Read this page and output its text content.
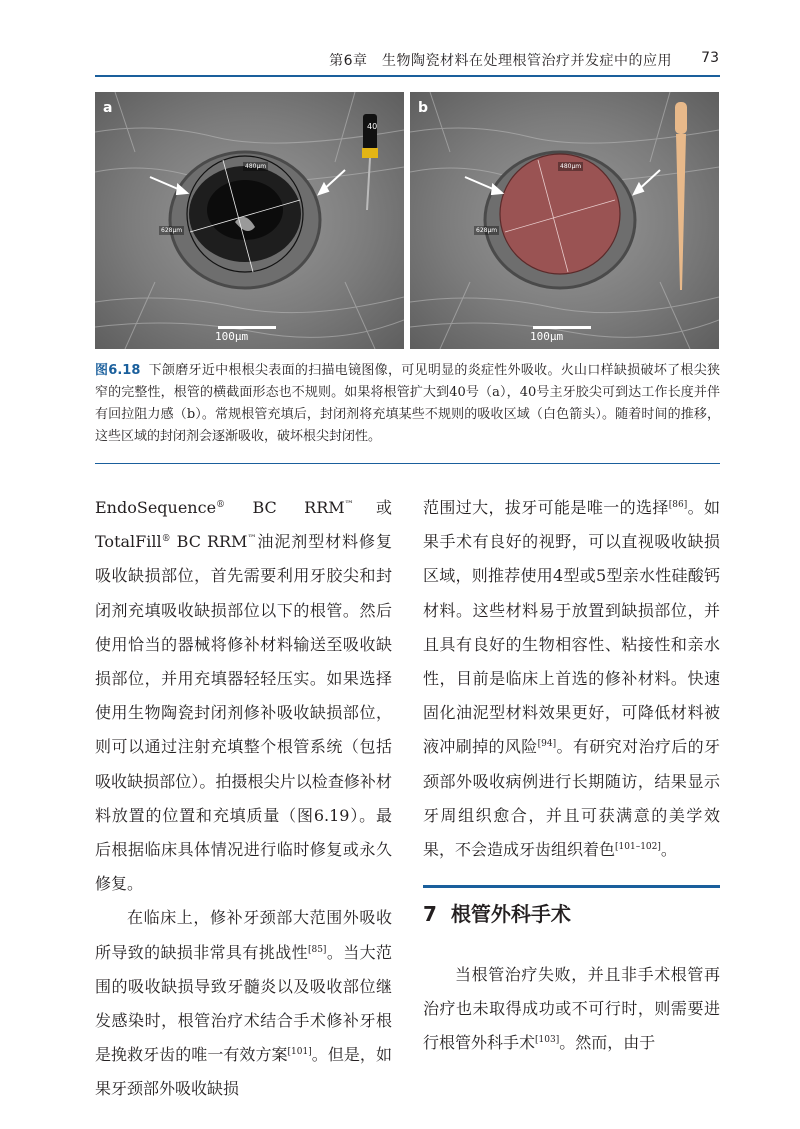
第6章　生物陶瓷材料在处理根管治疗并发症中的应用 73
a
480μm
628μm
40
100μm
b
480μm
628μm
100μm
图6.18 下颌磨牙近中根根尖表面的扫描电镜图像，可见明显的炎症性外吸收。火山口样缺损破坏了根尖狭窄的完整性，根管的横截面形态也不规则。如果将根管扩大到40号（a），40号主牙胶尖可到达工作长度并伴有回拉阻力感（b）。常规根管充填后，封闭剂将充填某些不规则的吸收区域（白色箭头）。随着时间的推移，这些区域的封闭剂会逐渐吸收，破坏根尖封闭性。

EndoSequence® BC RRM™或TotalFill® BC RRM™油泥剂型材料修复吸收缺损部位，首先需要利用牙胶尖和封闭剂充填吸收缺损部位以下的根管。然后使用恰当的器械将修补材料输送至吸收缺损部位，并用充填器轻轻压实。如果选择使用生物陶瓷封闭剂修补吸收缺损部位，则可以通过注射充填整个根管系统（包括吸收缺损部位）。拍摄根尖片以检查修补材料放置的位置和充填质量（图6.19）。最后根据临床具体情况进行临时修复或永久修复。

在临床上，修补牙颈部大范围外吸收所导致的缺损非常具有挑战性[85]。当大范围的吸收缺损导致牙髓炎以及吸收部位继发感染时，根管治疗术结合手术修补牙根是挽救牙齿的唯一有效方案[101]。但是，如果牙颈部外吸收缺损

范围过大，拔牙可能是唯一的选择[86]。如果手术有良好的视野，可以直视吸收缺损区域，则推荐使用4型或5型亲水性硅酸钙材料。这些材料易于放置到缺损部位，并且具有良好的生物相容性、粘接性和亲水性，目前是临床上首选的修补材料。快速固化油泥型材料效果更好，可降低材料被液冲刷掉的风险[94]。有研究对治疗后的牙颈部外吸收病例进行长期随访，结果显示牙周组织愈合，并且可获满意的美学效果，不会造成牙齿组织着色[101–102]。

7 根管外科手术

当根管治疗失败，并且非手术根管再治疗也未取得成功或不可行时，则需要进行根管外科手术[103]。然而，由于
